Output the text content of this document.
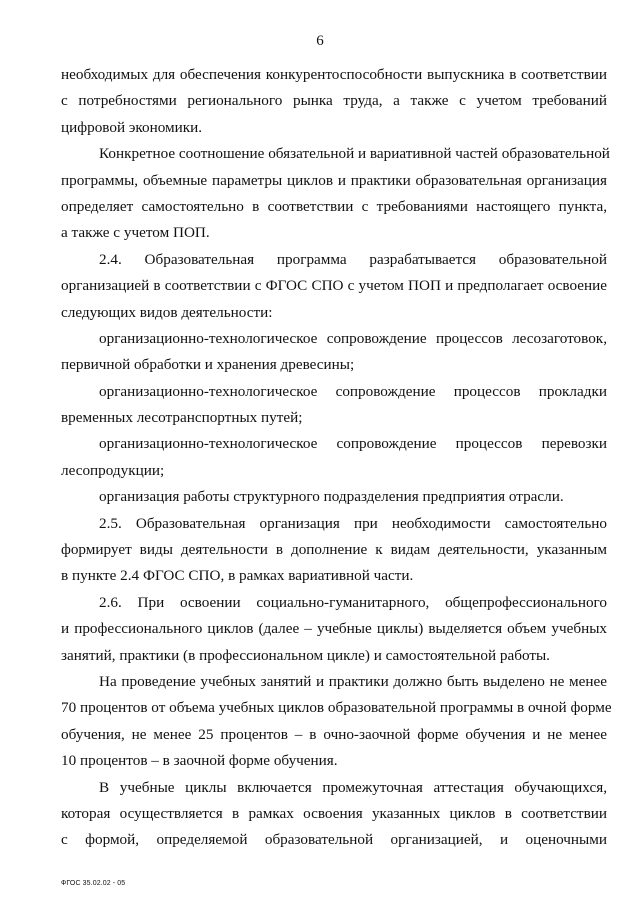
6
необходимых для обеспечения конкурентоспособности выпускника в соответствии
с потребностями регионального рынка труда, а также с учетом требований
цифровой экономики.
Конкретное соотношение обязательной и вариативной частей образовательной
программы, объемные параметры циклов и практики образовательная организация
определяет самостоятельно в соответствии с требованиями настоящего пункта,
а также с учетом ПОП.
2.4. Образовательная программа разрабатывается образовательной
организацией в соответствии с ФГОС СПО с учетом ПОП и предполагает освоение
следующих видов деятельности:
организационно-технологическое сопровождение процессов лесозаготовок,
первичной обработки и хранения древесины;
организационно-технологическое сопровождение процессов прокладки
временных лесотранспортных путей;
организационно-технологическое сопровождение процессов перевозки
лесопродукции;
организация работы структурного подразделения предприятия отрасли.
2.5. Образовательная организация при необходимости самостоятельно
формирует виды деятельности в дополнение к видам деятельности, указанным
в пункте 2.4 ФГОС СПО, в рамках вариативной части.
2.6. При освоении социально-гуманитарного, общепрофессионального
и профессионального циклов (далее – учебные циклы) выделяется объем учебных
занятий, практики (в профессиональном цикле) и самостоятельной работы.
На проведение учебных занятий и практики должно быть выделено не менее
70 процентов от объема учебных циклов образовательной программы в очной форме
обучения, не менее 25 процентов – в очно-заочной форме обучения и не менее
10 процентов – в заочной форме обучения.
В учебные циклы включается промежуточная аттестация обучающихся,
которая осуществляется в рамках освоения указанных циклов в соответствии
с формой, определяемой образовательной организацией, и оценочными
ФГОС 35.02.02 - 05
